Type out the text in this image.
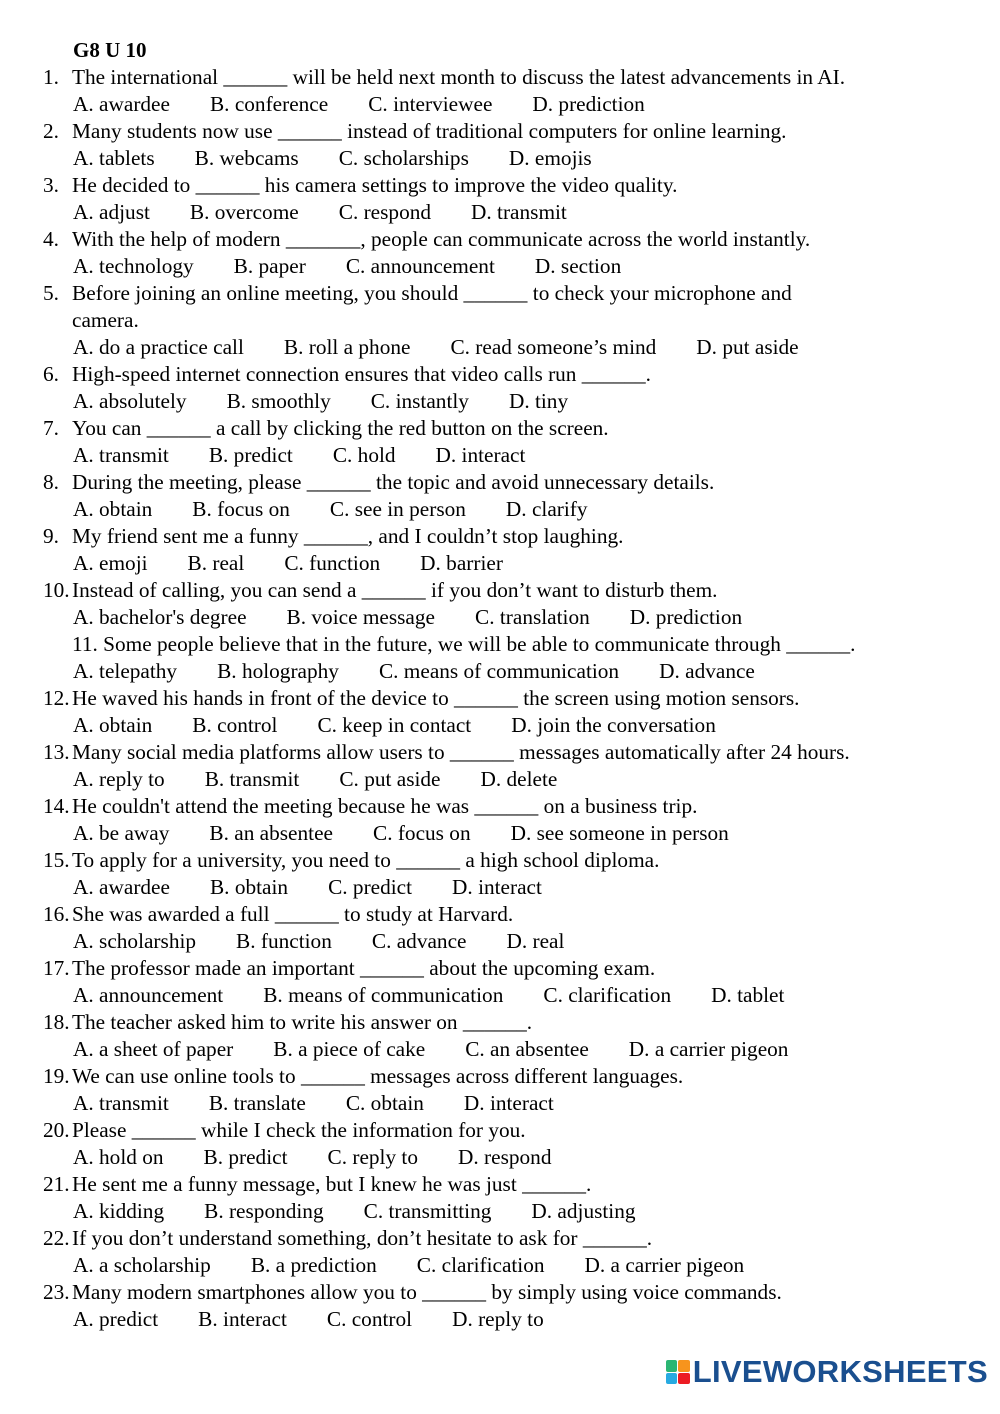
G8 U 10
1. The international ______ will be held next month to discuss the latest advancements in AI.
A. awardee B. conference C. interviewee D. prediction
2. Many students now use ______ instead of traditional computers for online learning.
A. tablets B. webcams C. scholarships D. emojis
3. He decided to ______ his camera settings to improve the video quality.
A. adjust B. overcome C. respond D. transmit
4. With the help of modern _______, people can communicate across the world instantly.
A. technology B. paper C. announcement D. section
5. Before joining an online meeting, you should ______ to check your microphone and
camera.
A. do a practice call B. roll a phone C. read someone’s mind D. put aside
6. High-speed internet connection ensures that video calls run ______.
A. absolutely B. smoothly C. instantly D. tiny
7. You can ______ a call by clicking the red button on the screen.
A. transmit B. predict C. hold D. interact
8. During the meeting, please ______ the topic and avoid unnecessary details.
A. obtain B. focus on C. see in person D. clarify
9. My friend sent me a funny ______, and I couldn’t stop laughing.
A. emoji B. real C. function D. barrier
10. Instead of calling, you can send a ______ if you don’t want to disturb them.
A. bachelor's degree B. voice message C. translation D. prediction
11. Some people believe that in the future, we will be able to communicate through ______.
A. telepathy B. holography C. means of communication D. advance
12. He waved his hands in front of the device to ______ the screen using motion sensors.
A. obtain B. control C. keep in contact D. join the conversation
13. Many social media platforms allow users to ______ messages automatically after 24 hours.
A. reply to B. transmit C. put aside D. delete
14. He couldn't attend the meeting because he was ______ on a business trip.
A. be away B. an absentee C. focus on D. see someone in person
15. To apply for a university, you need to ______ a high school diploma.
A. awardee B. obtain C. predict D. interact
16. She was awarded a full ______ to study at Harvard.
A. scholarship B. function C. advance D. real
17. The professor made an important ______ about the upcoming exam.
A. announcement B. means of communication C. clarification D. tablet
18. The teacher asked him to write his answer on ______.
A. a sheet of paper B. a piece of cake C. an absentee D. a carrier pigeon
19. We can use online tools to ______ messages across different languages.
A. transmit B. translate C. obtain D. interact
20. Please ______ while I check the information for you.
A. hold on B. predict C. reply to D. respond
21. He sent me a funny message, but I knew he was just ______.
A. kidding B. responding C. transmitting D. adjusting
22. If you don’t understand something, don’t hesitate to ask for ______.
A. a scholarship B. a prediction C. clarification D. a carrier pigeon
23. Many modern smartphones allow you to ______ by simply using voice commands.
A. predict B. interact C. control D. reply to
LIVEWORKSHEETS
